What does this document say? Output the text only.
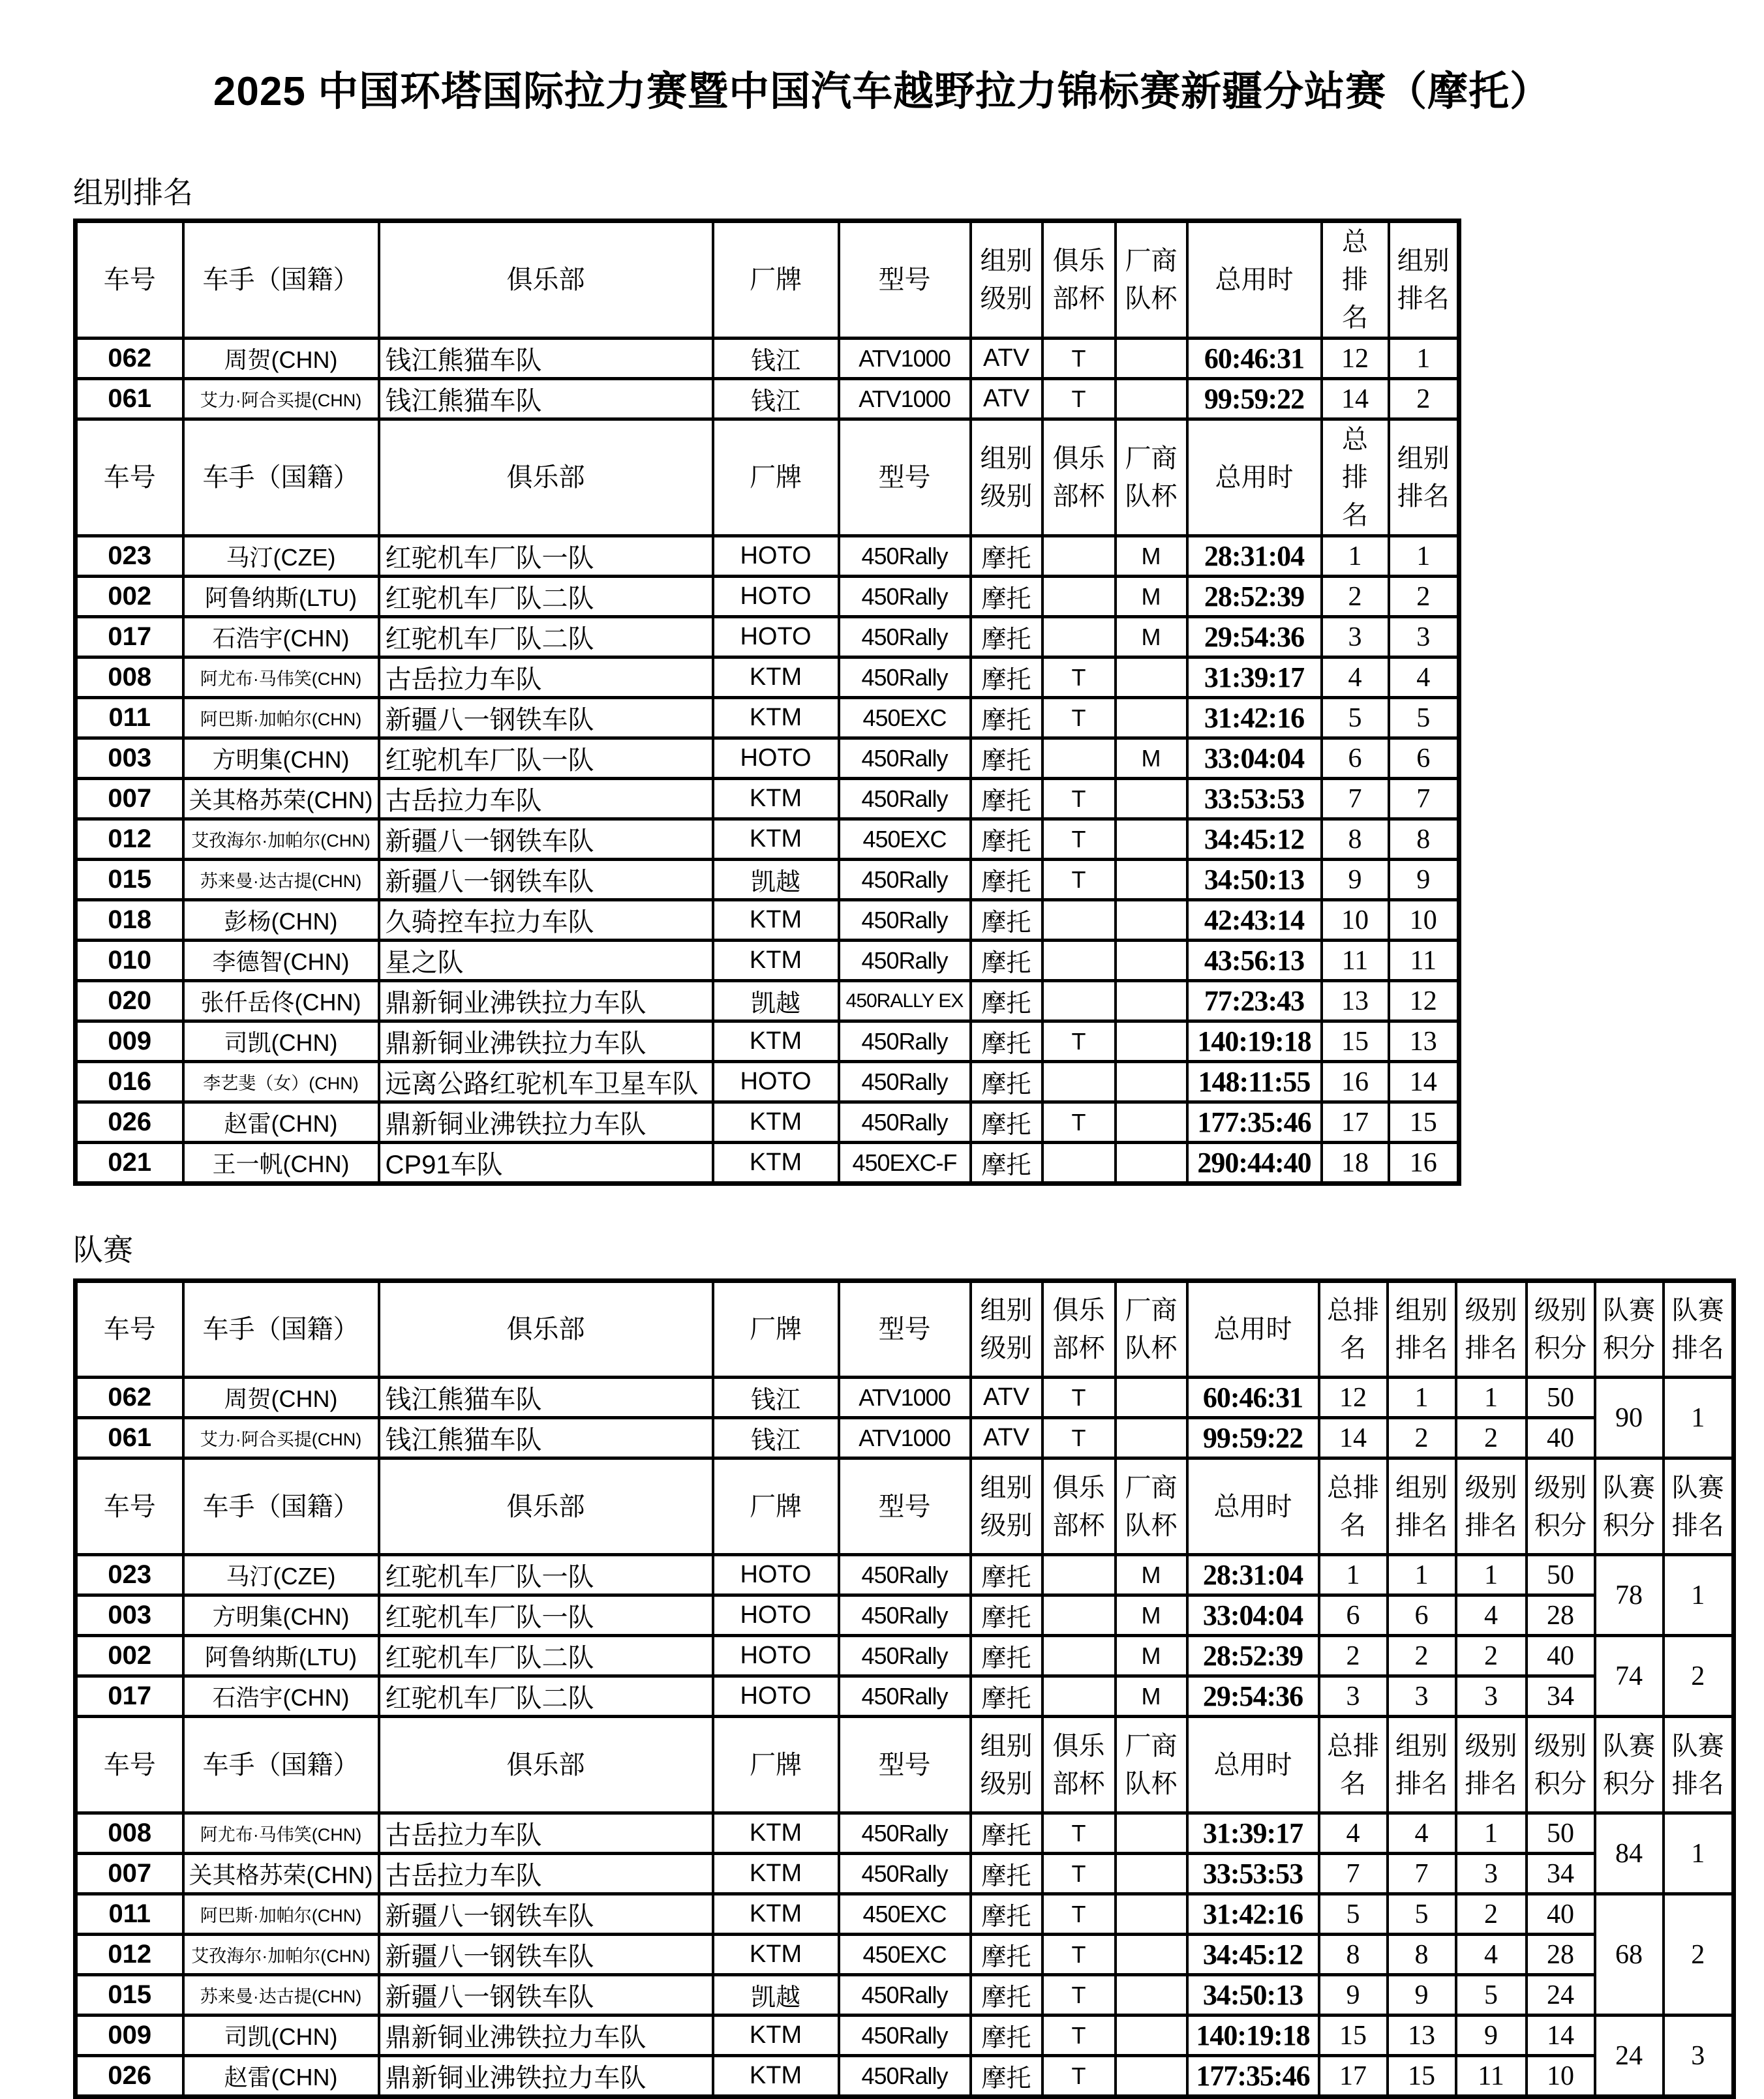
2025 中国环塔国际拉力赛暨中国汽车越野拉力锦标赛新疆分站赛（摩托）
组别排名
车号	车手（国籍）	俱乐部	厂牌	型号	组别级别	俱乐部杯	厂商队杯	总用时	总排名	组别排名
062	周贺(CHN)	钱江熊猫车队	钱江	ATV1000	ATV	T		60:46:31	12	1
061	艾力·阿合买提(CHN)	钱江熊猫车队	钱江	ATV1000	ATV	T		99:59:22	14	2
车号	车手（国籍）	俱乐部	厂牌	型号	组别级别	俱乐部杯	厂商队杯	总用时	总排名	组别排名
023	马汀(CZE)	红驼机车厂队一队	HOTO	450Rally	摩托		M	28:31:04	1	1
002	阿鲁纳斯(LTU)	红驼机车厂队二队	HOTO	450Rally	摩托		M	28:52:39	2	2
017	石浩宇(CHN)	红驼机车厂队二队	HOTO	450Rally	摩托		M	29:54:36	3	3
008	阿尤布·马伟笑(CHN)	古岳拉力车队	KTM	450Rally	摩托	T		31:39:17	4	4
011	阿巴斯·加帕尔(CHN)	新疆八一钢铁车队	KTM	450EXC	摩托	T		31:42:16	5	5
003	方明集(CHN)	红驼机车厂队一队	HOTO	450Rally	摩托		M	33:04:04	6	6
007	关其格苏荣(CHN)	古岳拉力车队	KTM	450Rally	摩托	T		33:53:53	7	7
012	艾孜海尔·加帕尔(CHN)	新疆八一钢铁车队	KTM	450EXC	摩托	T		34:45:12	8	8
015	苏来曼·达古提(CHN)	新疆八一钢铁车队	凯越	450Rally	摩托	T		34:50:13	9	9
018	彭杨(CHN)	久骑控车拉力车队	KTM	450Rally	摩托			42:43:14	10	10
010	李德智(CHN)	星之队	KTM	450Rally	摩托			43:56:13	11	11
020	张仟岳佟(CHN)	鼎新铜业沸铁拉力车队	凯越	450RALLY EX	摩托			77:23:43	13	12
009	司凯(CHN)	鼎新铜业沸铁拉力车队	KTM	450Rally	摩托	T		140:19:18	15	13
016	李艺斐（女）(CHN)	远离公路红驼机车卫星车队	HOTO	450Rally	摩托			148:11:55	16	14
026	赵雷(CHN)	鼎新铜业沸铁拉力车队	KTM	450Rally	摩托	T		177:35:46	17	15
021	王一帆(CHN)	CP91车队	KTM	450EXC-F	摩托			290:44:40	18	16
队赛
车号	车手（国籍）	俱乐部	厂牌	型号	组别级别	俱乐部杯	厂商队杯	总用时	总排名	组别排名	级别排名	级别积分	队赛积分	队赛排名
062	周贺(CHN)	钱江熊猫车队	钱江	ATV1000	ATV	T		60:46:31	12	1	1	50	90	1
061	艾力·阿合买提(CHN)	钱江熊猫车队	钱江	ATV1000	ATV	T		99:59:22	14	2	2	40		
车号	车手（国籍）	俱乐部	厂牌	型号	组别级别	俱乐部杯	厂商队杯	总用时	总排名	组别排名	级别排名	级别积分	队赛积分	队赛排名
023	马汀(CZE)	红驼机车厂队一队	HOTO	450Rally	摩托		M	28:31:04	1	1	1	50	78	1
003	方明集(CHN)	红驼机车厂队一队	HOTO	450Rally	摩托		M	33:04:04	6	6	4	28		
002	阿鲁纳斯(LTU)	红驼机车厂队二队	HOTO	450Rally	摩托		M	28:52:39	2	2	2	40	74	2
017	石浩宇(CHN)	红驼机车厂队二队	HOTO	450Rally	摩托		M	29:54:36	3	3	3	34		
车号	车手（国籍）	俱乐部	厂牌	型号	组别级别	俱乐部杯	厂商队杯	总用时	总排名	组别排名	级别排名	级别积分	队赛积分	队赛排名
008	阿尤布·马伟笑(CHN)	古岳拉力车队	KTM	450Rally	摩托	T		31:39:17	4	4	1	50	84	1
007	关其格苏荣(CHN)	古岳拉力车队	KTM	450Rally	摩托	T		33:53:53	7	7	3	34		
011	阿巴斯·加帕尔(CHN)	新疆八一钢铁车队	KTM	450EXC	摩托	T		31:42:16	5	5	2	40	68	2
012	艾孜海尔·加帕尔(CHN)	新疆八一钢铁车队	KTM	450EXC	摩托	T		34:45:12	8	8	4	28		
015	苏来曼·达古提(CHN)	新疆八一钢铁车队	凯越	450Rally	摩托	T		34:50:13	9	9	5	24		
009	司凯(CHN)	鼎新铜业沸铁拉力车队	KTM	450Rally	摩托	T		140:19:18	15	13	9	14	24	3
026	赵雷(CHN)	鼎新铜业沸铁拉力车队	KTM	450Rally	摩托	T		177:35:46	17	15	11	10		
